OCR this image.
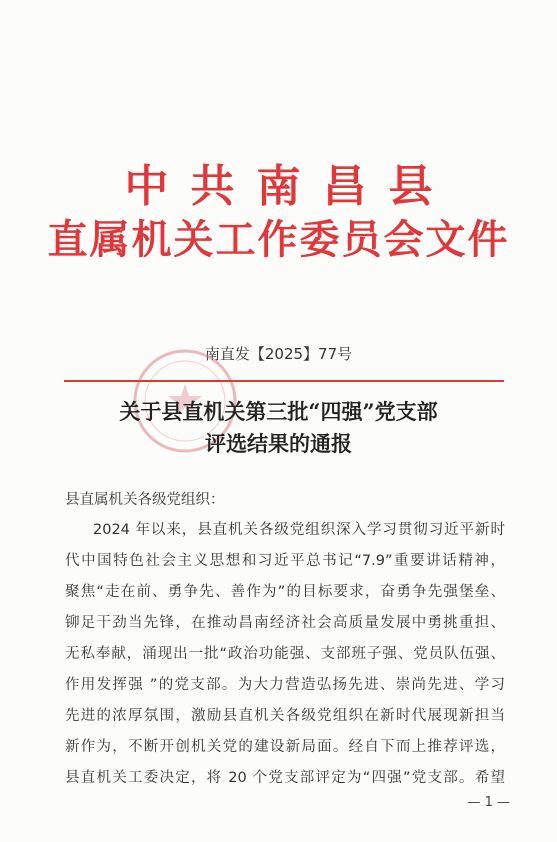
中共南昌县
直属机关工作委员会文件
南直发【2025】77号
关于县直机关第三批“四强”党支部
评选结果的通报
县直属机关各级党组织：
2024 年以来，县直机关各级党组织深入学习贯彻习近平新时
代中国特色社会主义思想和习近平总书记“7.9”重要讲话精神，
聚焦“走在前、勇争先、善作为”的目标要求，奋勇争先强堡垒、
铆足干劲当先锋，在推动昌南经济社会高质量发展中勇挑重担、
无私奉献，涌现出一批“政治功能强、支部班子强、党员队伍强、
作用发挥强 ”的党支部。为大力营造弘扬先进、崇尚先进、学习
先进的浓厚氛围，激励县直机关各级党组织在新时代展现新担当
新作为，不断开创机关党的建设新局面。经自下而上推荐评选，
县直机关工委决定，将 20 个党支部评定为“四强”党支部。希望
— 1 —
